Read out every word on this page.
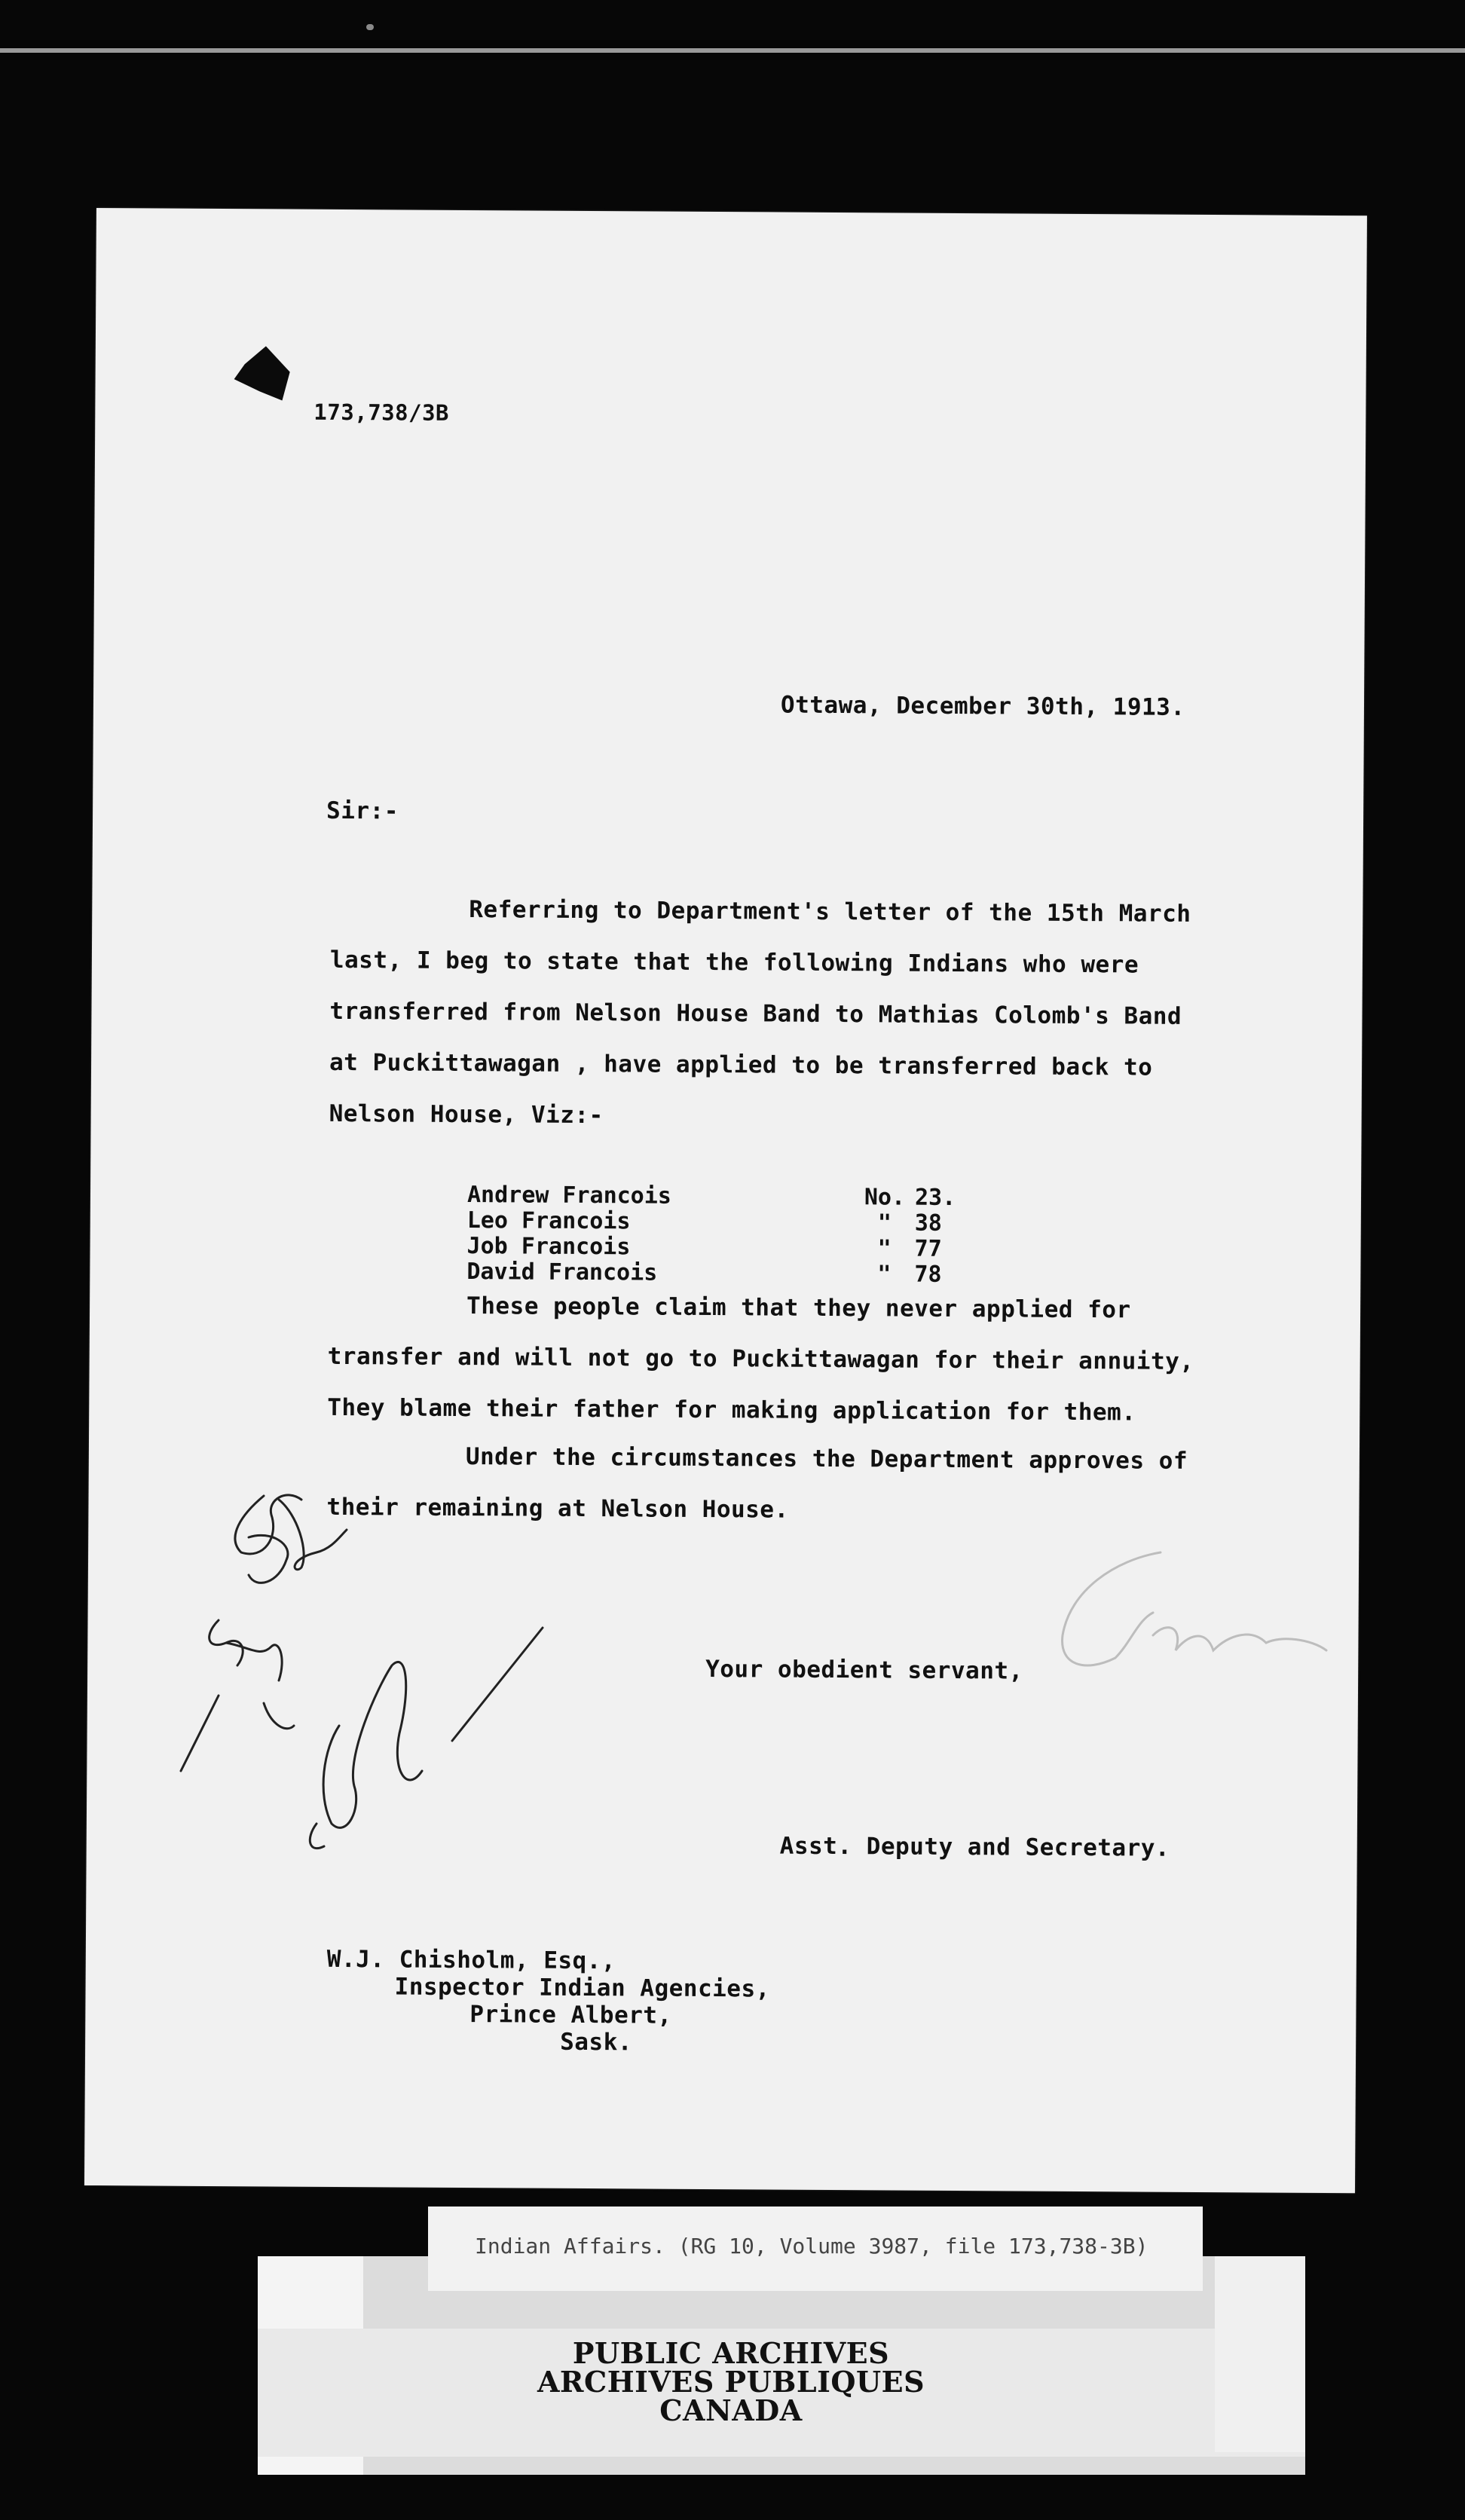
173,738/3B
Ottawa, December 30th, 1913.
Sir:-
Referring to Department's letter of the 15th March
last, I beg to state that the following Indians who were
transferred from Nelson House Band to Mathias Colomb's Band
at Puckittawagan , have applied to be transferred back to
Nelson House, Viz:-
Andrew Francois	No. 23.
Leo Francois	"	38
Job Francois	"	77
David Francois	"	78
These people claim that they never applied for
transfer and will not go to Puckittawagan for their annuity,
They blame their father for making application for them.
Under the circumstances the Department approves of
their remaining at Nelson House.
Your obedient servant,
Asst. Deputy and Secretary.
W.J. Chisholm, Esq.,
Inspector Indian Agencies,
Prince Albert,
Sask.
Indian Affairs. (RG 10, Volume 3987, file 173,738-3B)
PUBLIC ARCHIVES
ARCHIVES PUBLIQUES
CANADA
